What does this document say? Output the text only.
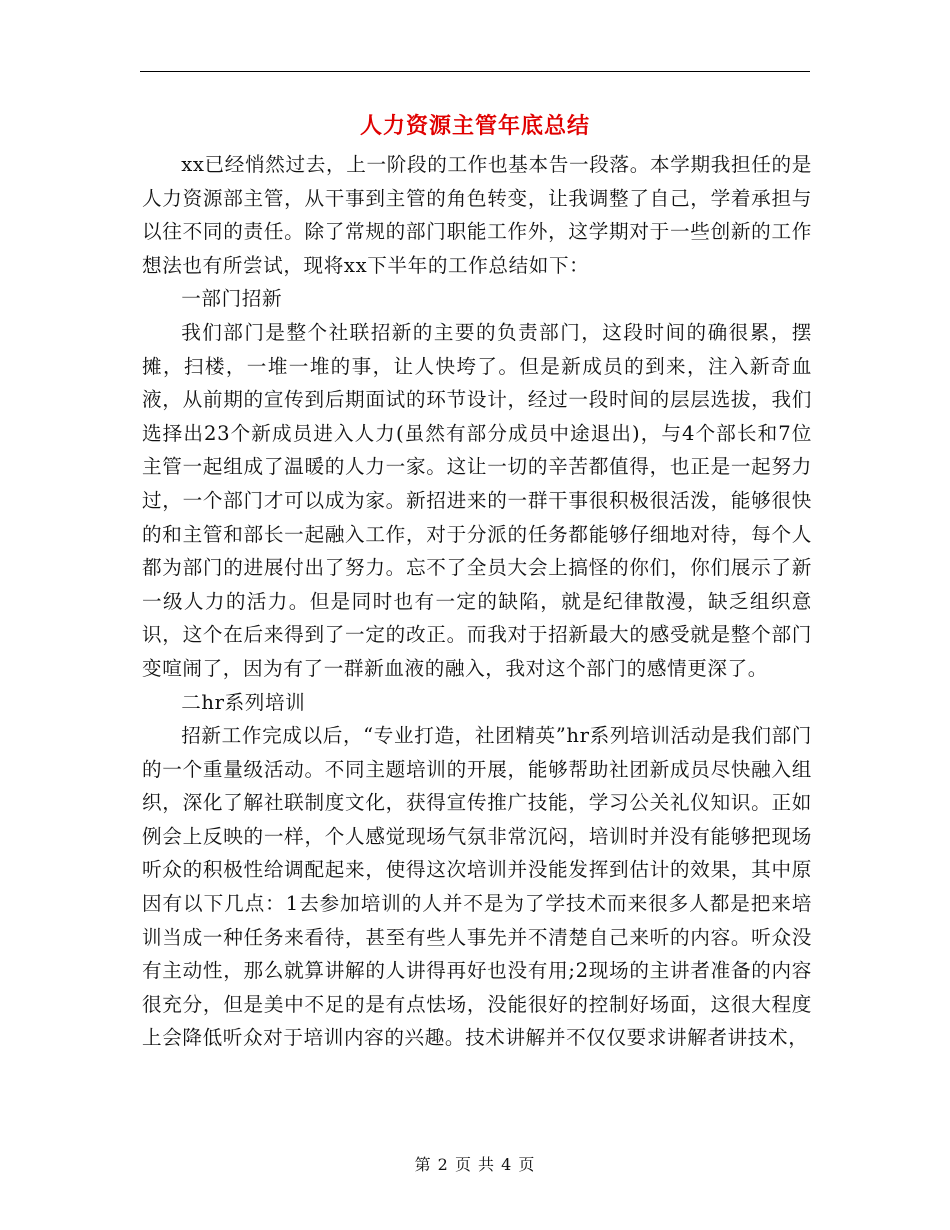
人力资源主管年底总结

xx已经悄然过去，上一阶段的工作也基本告一段落。本学期我担任的是人力资源部主管，从干事到主管的角色转变，让我调整了自己，学着承担与以往不同的责任。除了常规的部门职能工作外，这学期对于一些创新的工作想法也有所尝试，现将xx下半年的工作总结如下：

一部门招新

我们部门是整个社联招新的主要的负责部门，这段时间的确很累，摆摊，扫楼，一堆一堆的事，让人快垮了。但是新成员的到来，注入新奇血液，从前期的宣传到后期面试的环节设计，经过一段时间的层层选拔，我们选择出23个新成员进入人力(虽然有部分成员中途退出)，与4个部长和7位主管一起组成了温暖的人力一家。这让一切的辛苦都值得，也正是一起努力过，一个部门才可以成为家。新招进来的一群干事很积极很活泼，能够很快的和主管和部长一起融入工作，对于分派的任务都能够仔细地对待，每个人都为部门的进展付出了努力。忘不了全员大会上搞怪的你们，你们展示了新一级人力的活力。但是同时也有一定的缺陷，就是纪律散漫，缺乏组织意识，这个在后来得到了一定的改正。而我对于招新最大的感受就是整个部门变喧闹了，因为有了一群新血液的融入，我对这个部门的感情更深了。

二hr系列培训

招新工作完成以后，“专业打造，社团精英”hr系列培训活动是我们部门的一个重量级活动。不同主题培训的开展，能够帮助社团新成员尽快融入组织，深化了解社联制度文化，获得宣传推广技能，学习公关礼仪知识。正如例会上反映的一样，个人感觉现场气氛非常沉闷，培训时并没有能够把现场听众的积极性给调配起来，使得这次培训并没能发挥到估计的效果，其中原因有以下几点：1去参加培训的人并不是为了学技术而来很多人都是把来培训当成一种任务来看待，甚至有些人事先并不清楚自己来听的内容。听众没有主动性，那么就算讲解的人讲得再好也没有用;2现场的主讲者准备的内容很充分，但是美中不足的是有点怯场，没能很好的控制好场面，这很大程度上会降低听众对于培训内容的兴趣。技术讲解并不仅仅要求讲解者讲技术，

第 2 页 共 4 页
